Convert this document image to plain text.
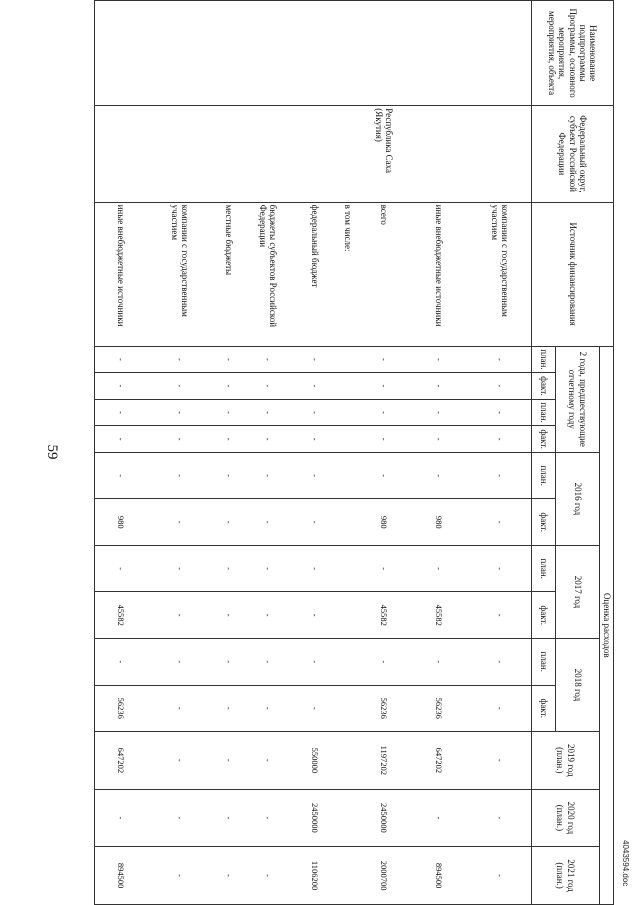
59
Наименование подпрограммы Программы, основного мероприятия, мероприятия, объекта	Федеральный округ, субъект Российской Федерации	Источник финансирования	Оценка расходов												
			2 года, предшествующие отчетному году				2016 год		2017 год		2018 год		2019 год (план.)	2020 год (план.)	2021 год (план.)
			план.	факт.	план.	факт.	план.	факт.	план.	факт.	план.	факт.			
		компании с государственным участием	-	-	-	-	-	-	-	-	-	-	-	-	-
		иные внебюджетные источники	-	-	-	-	-	980	-	45582	-	56236	647202	-	894500
	Республика Саха (Якутия)	всего	-	-	-	-	-	980	-	45582	-	56236	1197202	2450000	2000700
		в том числе:													
		федеральный бюджет	-	-	-	-	-	-	-	-	-	-	550000	2450000	1106200
		бюджеты субъектов Российской Федерации	-	-	-	-	-	-	-	-	-	-	-	-	-
		местные бюджеты	-	-	-	-	-	-	-	-	-	-	-	-	-
		компании с государственным участием	-	-	-	-	-	-	-	-	-	-	-	-	-
		иные внебюджетные источники	-	-	-	-	-	980	-	45582	-	56236	647202	-	894500	4043594.doc
